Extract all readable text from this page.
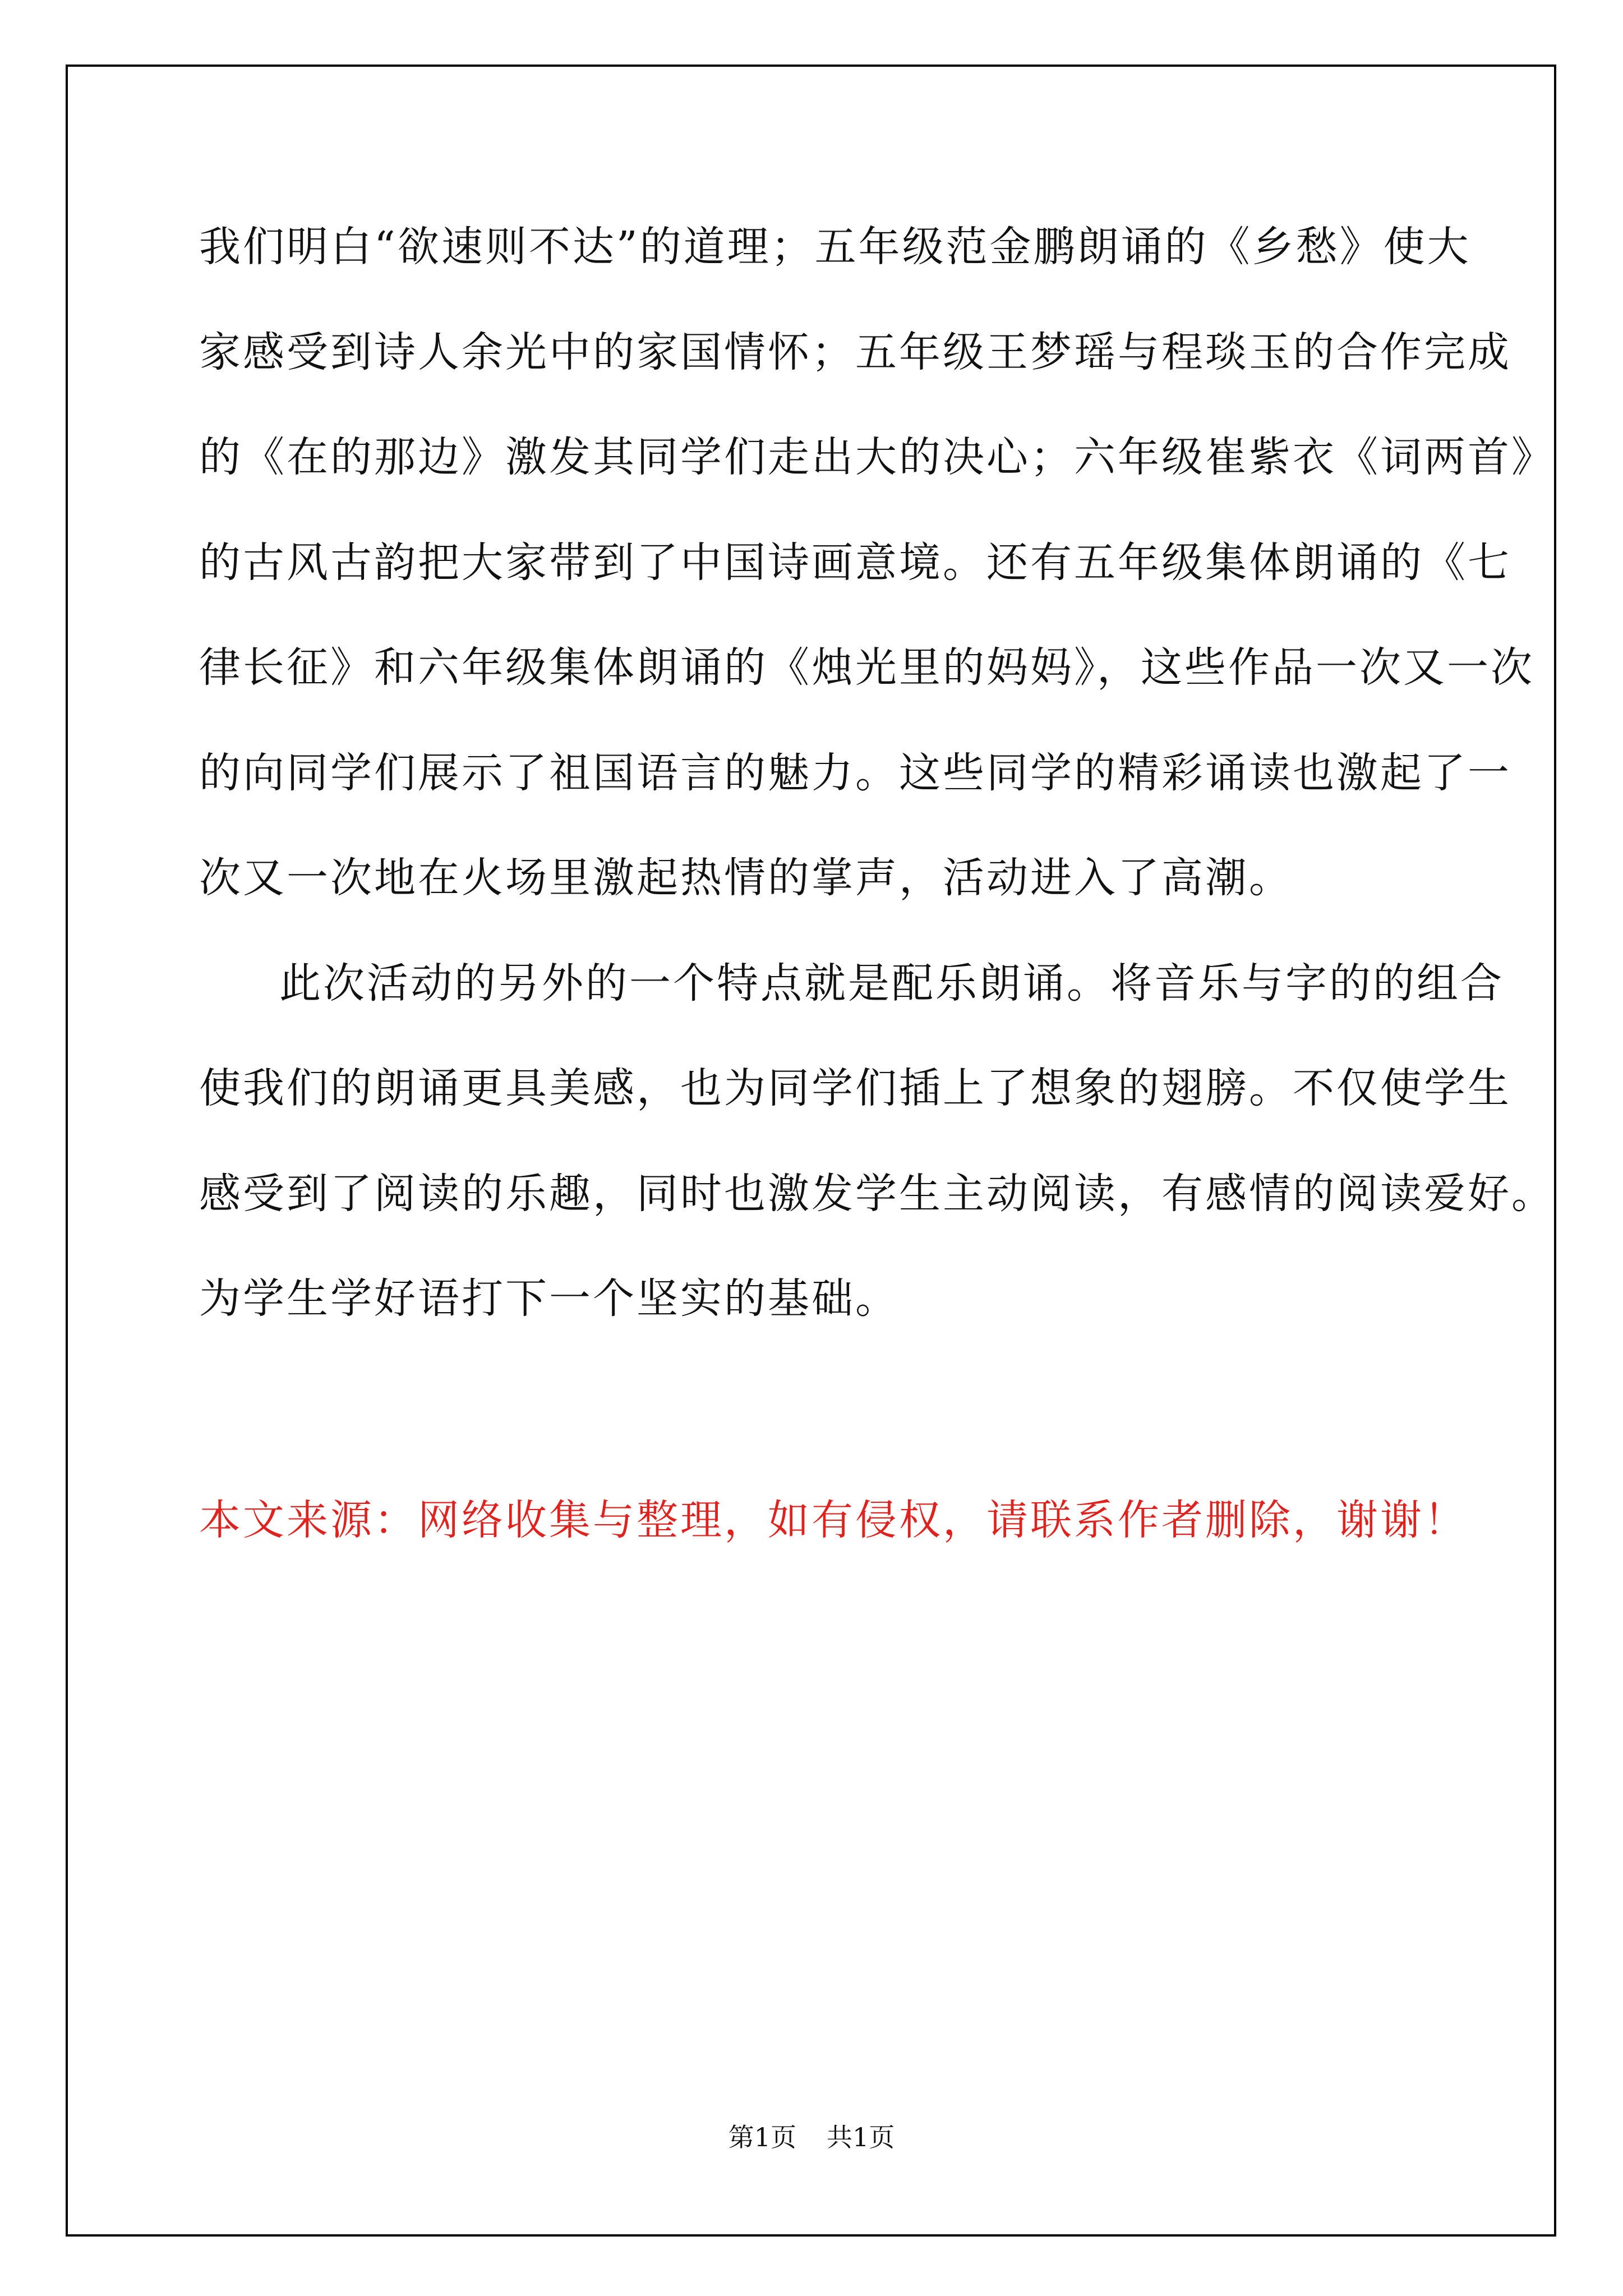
我们明白“欲速则不达”的道理；五年级范金鹏朗诵的《乡愁》使大
家感受到诗人余光中的家国情怀；五年级王梦瑶与程琰玉的合作完成
的《在的那边》激发其同学们走出大的决心；六年级崔紫衣《词两首》
的古风古韵把大家带到了中国诗画意境。还有五年级集体朗诵的《七
律长征》和六年级集体朗诵的《烛光里的妈妈》，这些作品一次又一次
的向同学们展示了祖国语言的魅力。这些同学的精彩诵读也激起了一
次又一次地在火场里激起热情的掌声，活动进入了高潮。
此次活动的另外的一个特点就是配乐朗诵。将音乐与字的的组合
使我们的朗诵更具美感，也为同学们插上了想象的翅膀。不仅使学生
感受到了阅读的乐趣，同时也激发学生主动阅读，有感情的阅读爱好。
为学生学好语打下一个坚实的基础。
本文来源：网络收集与整理，如有侵权，请联系作者删除，谢谢！
第1页 共1页
